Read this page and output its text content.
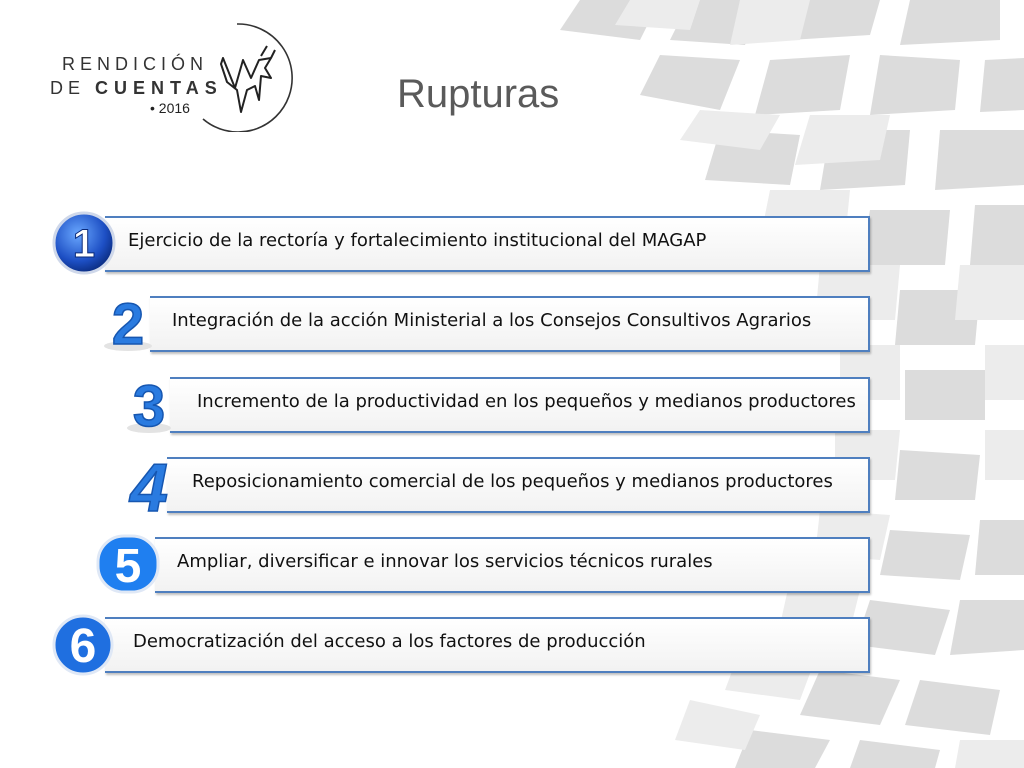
RENDICIÓN
DE CUENTAS
• 2016	Rupturas
1 Ejercicio de la rectoría y fortalecimiento institucional del MAGAP
2 Integración de la acción Ministerial a los Consejos Consultivos Agrarios
3 Incremento de la productividad en los pequeños y medianos productores
4 Reposicionamiento comercial de los pequeños y medianos productores
5 Ampliar, diversificar e innovar los servicios técnicos rurales
6 Democratización del acceso a los factores de producción
